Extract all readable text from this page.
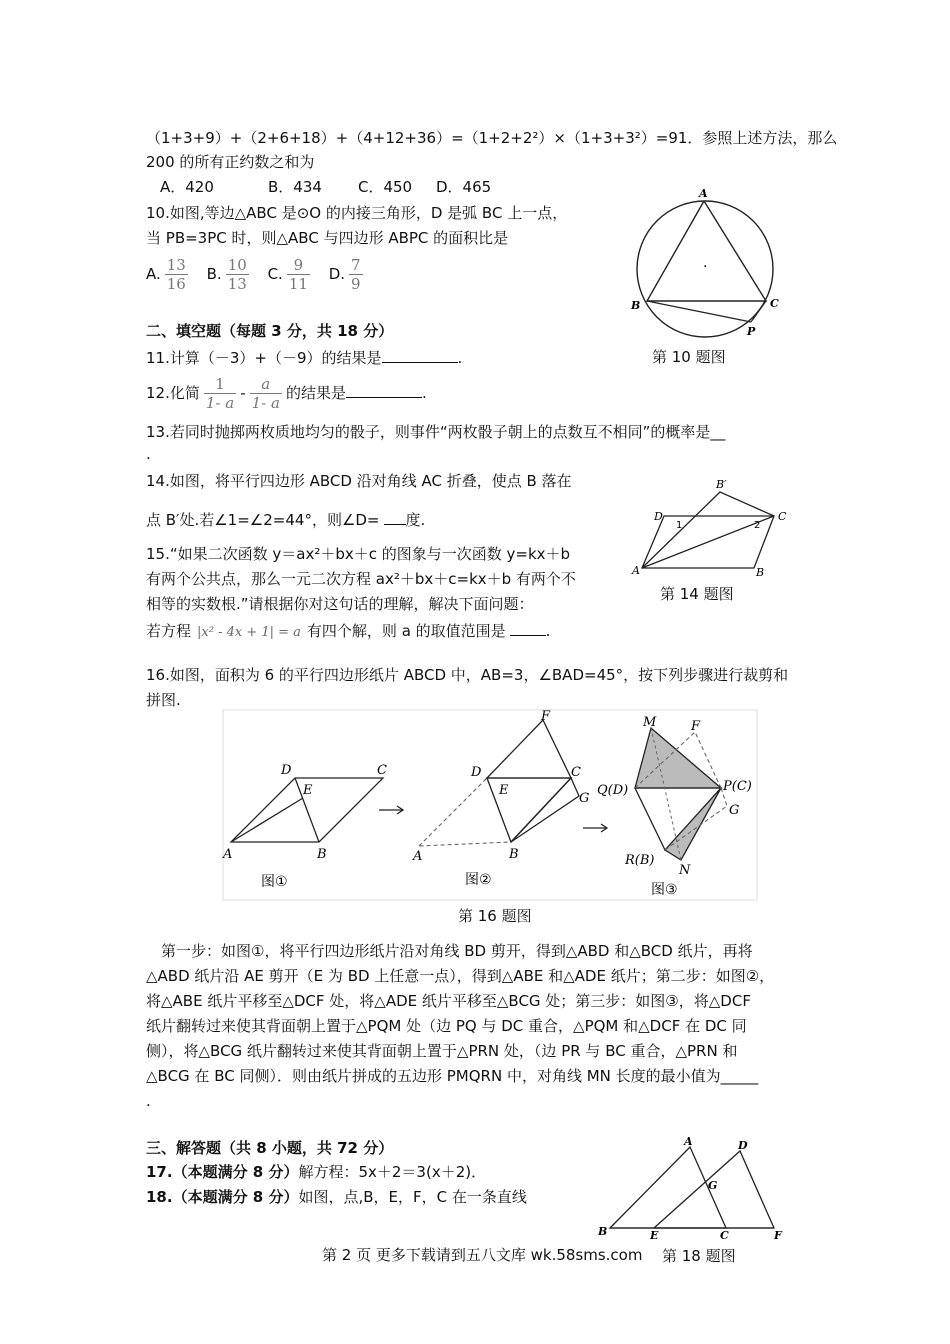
（1+3+9）+（2+6+18）+（4+12+36）=（1+2+2²）×（1+3+3²）=91．参照上述方法，那么
200 的所有正约数之和为
A．420	B．434 C．450 D．465
10.如图,等边△ABC 是⊙O 的内接三角形，D 是弧 BC 上一点，
当 PB=3PC 时，则△ABC 与四边形 ABPC 的面积比是
A. $\frac{13}{16} B$. $\frac{10}{13} C$. $\frac{9}{11} D$. $\frac{7}{9}$
A
B	C
P
·
第 10 题图
二、填空题（每题 3 分，共 18 分）
11.计算（－3）+（－9）的结果是	.
12.化简 $\frac{1}{1- a} - \frac{a}{1- a}$ 的结果是	.
13.若同时抛掷两枚质地均匀的骰子，则事件“两枚骰子朝上的点数互不相同”的概率是__
.
14.如图，将平行四边形 ABCD 沿对角线 AC 折叠，使点 B 落在
点 B′处.若∠1=∠2=44°，则∠D= 度.
B′
D	C
A	B
1	2
第 14 题图
15.“如果二次函数 y＝ax²＋bx＋c 的图象与一次函数 y=kx＋b
有两个公共点，那么一元二次方程 ax²＋bx＋c=kx＋b 有两个不
相等的实数根.”请根据你对这句话的理解，解决下面问题：
若方程 |x² - 4x + 1| = a 有四个解，则 a 的取值范围是	.
16.如图，面积为 6 的平行四边形纸片 ABCD 中，AB=3，∠BAD=45°，按下列步骤进行裁剪和
拼图.
A	B
C
D
E
图①
A	B
C
D
E
F
G
图②
M	F
Q(D)	P(C)
G
R(B)
N
图③
第 16 题图
　第一步：如图①，将平行四边形纸片沿对角线 BD 剪开，得到△ABD 和△BCD 纸片，再将
△ABD 纸片沿 AE 剪开（E 为 BD 上任意一点），得到△ABE 和△ADE 纸片；第二步：如图②，
将△ABE 纸片平移至△DCF 处，将△ADE 纸片平移至△BCG 处；第三步：如图③，将△DCF
纸片翻转过来使其背面朝上置于△PQM 处（边 PQ 与 DC 重合，△PQM 和△DCF 在 DC 同
侧），将△BCG 纸片翻转过来使其背面朝上置于△PRN 处，（边 PR 与 BC 重合，△PRN 和
△BCG 在 BC 同侧）．则由纸片拼成的五边形 PMQRN 中，对角线 MN 长度的最小值为_____
.
三、解答题（共 8 小题，共 72 分）
17.（本题满分 8 分）解方程：5x＋2＝3(x＋2)．
18.（本题满分 8 分）如图，点,B，E，F，C 在一条直线
A	D
G
B	E	C	F
第 2 页 更多下载请到五八文库 wk.58sms.com 第 18 题图
